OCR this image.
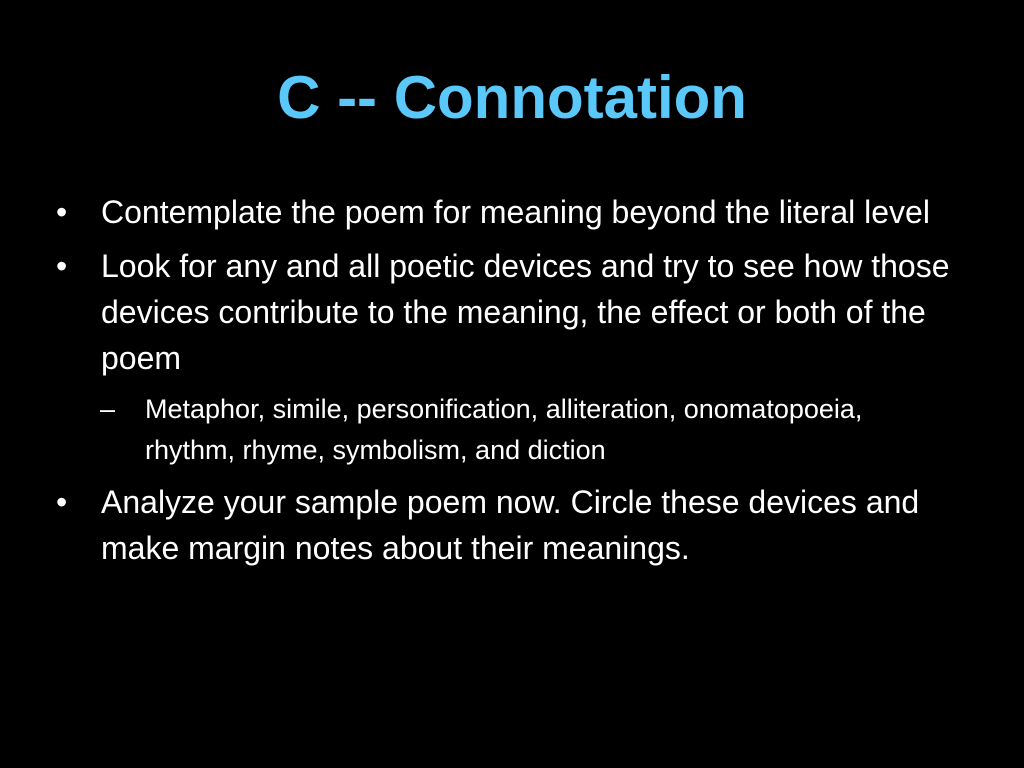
C -- Connotation
•	Contemplate the poem for meaning beyond the literal level
•	Look for any and all poetic devices and try to see how those devices contribute to the meaning, the effect or both of the poem
–	Metaphor, simile, personification, alliteration, onomatopoeia, rhythm, rhyme, symbolism, and diction
•	Analyze your sample poem now. Circle these devices and make margin notes about their meanings.
